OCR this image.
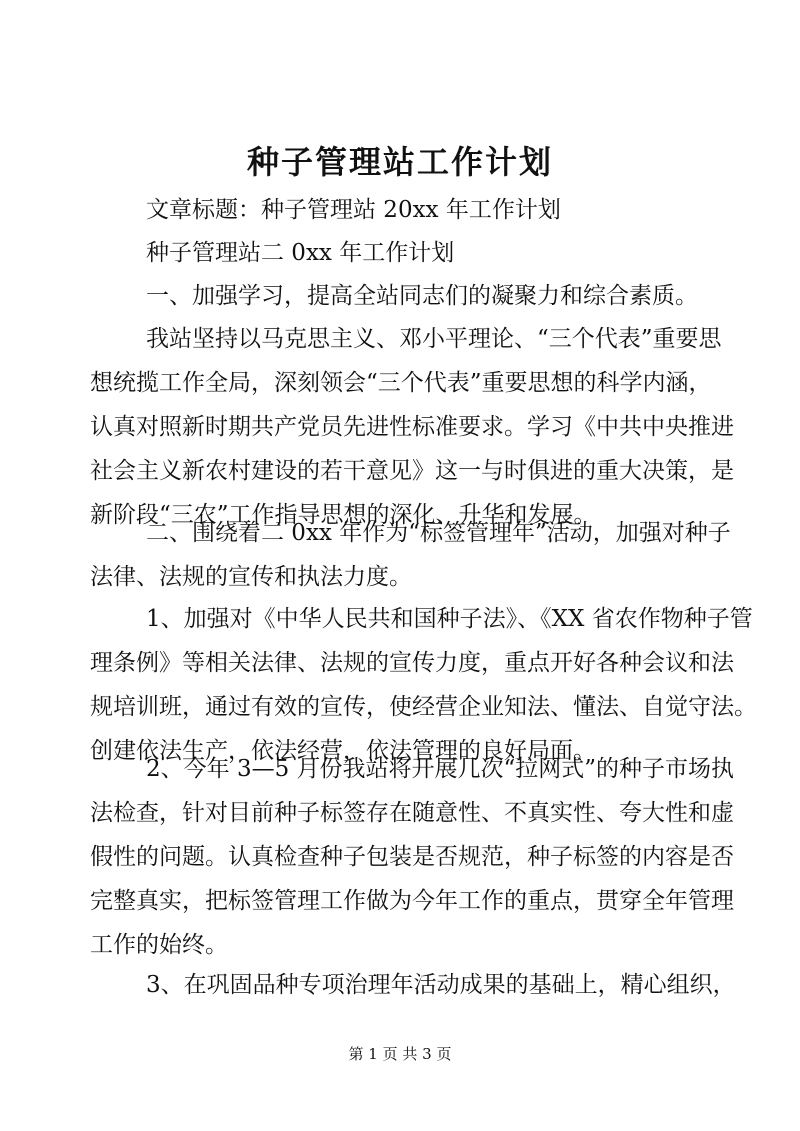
种子管理站工作计划
文章标题：种子管理站 20xx 年工作计划
种子管理站二 0xx 年工作计划
一、加强学习，提高全站同志们的凝聚力和综合素质。
我站坚持以马克思主义、邓小平理论、“三个代表”重要思
想统揽工作全局，深刻领会“三个代表”重要思想的科学内涵，
认真对照新时期共产党员先进性标准要求。学习《中共中央推进
社会主义新农村建设的若干意见》这一与时俱进的重大决策，是
新阶段“三农”工作指导思想的深化、升华和发展。
二、围绕着二 0xx 年作为“标签管理年”活动，加强对种子
法律、法规的宣传和执法力度。
1、加强对《中华人民共和国种子法》、《XX 省农作物种子管
理条例》等相关法律、法规的宣传力度，重点开好各种会议和法
规培训班，通过有效的宣传，使经营企业知法、懂法、自觉守法。
创建依法生产，依法经营，依法管理的良好局面。
2、今年 3—5 月份我站将开展几次“拉网式”的种子市场执
法检查，针对目前种子标签存在随意性、不真实性、夸大性和虚
假性的问题。认真检查种子包装是否规范，种子标签的内容是否
完整真实，把标签管理工作做为今年工作的重点，贯穿全年管理
工作的始终。
3、在巩固品种专项治理年活动成果的基础上，精心组织，
第 1 页 共 3 页
